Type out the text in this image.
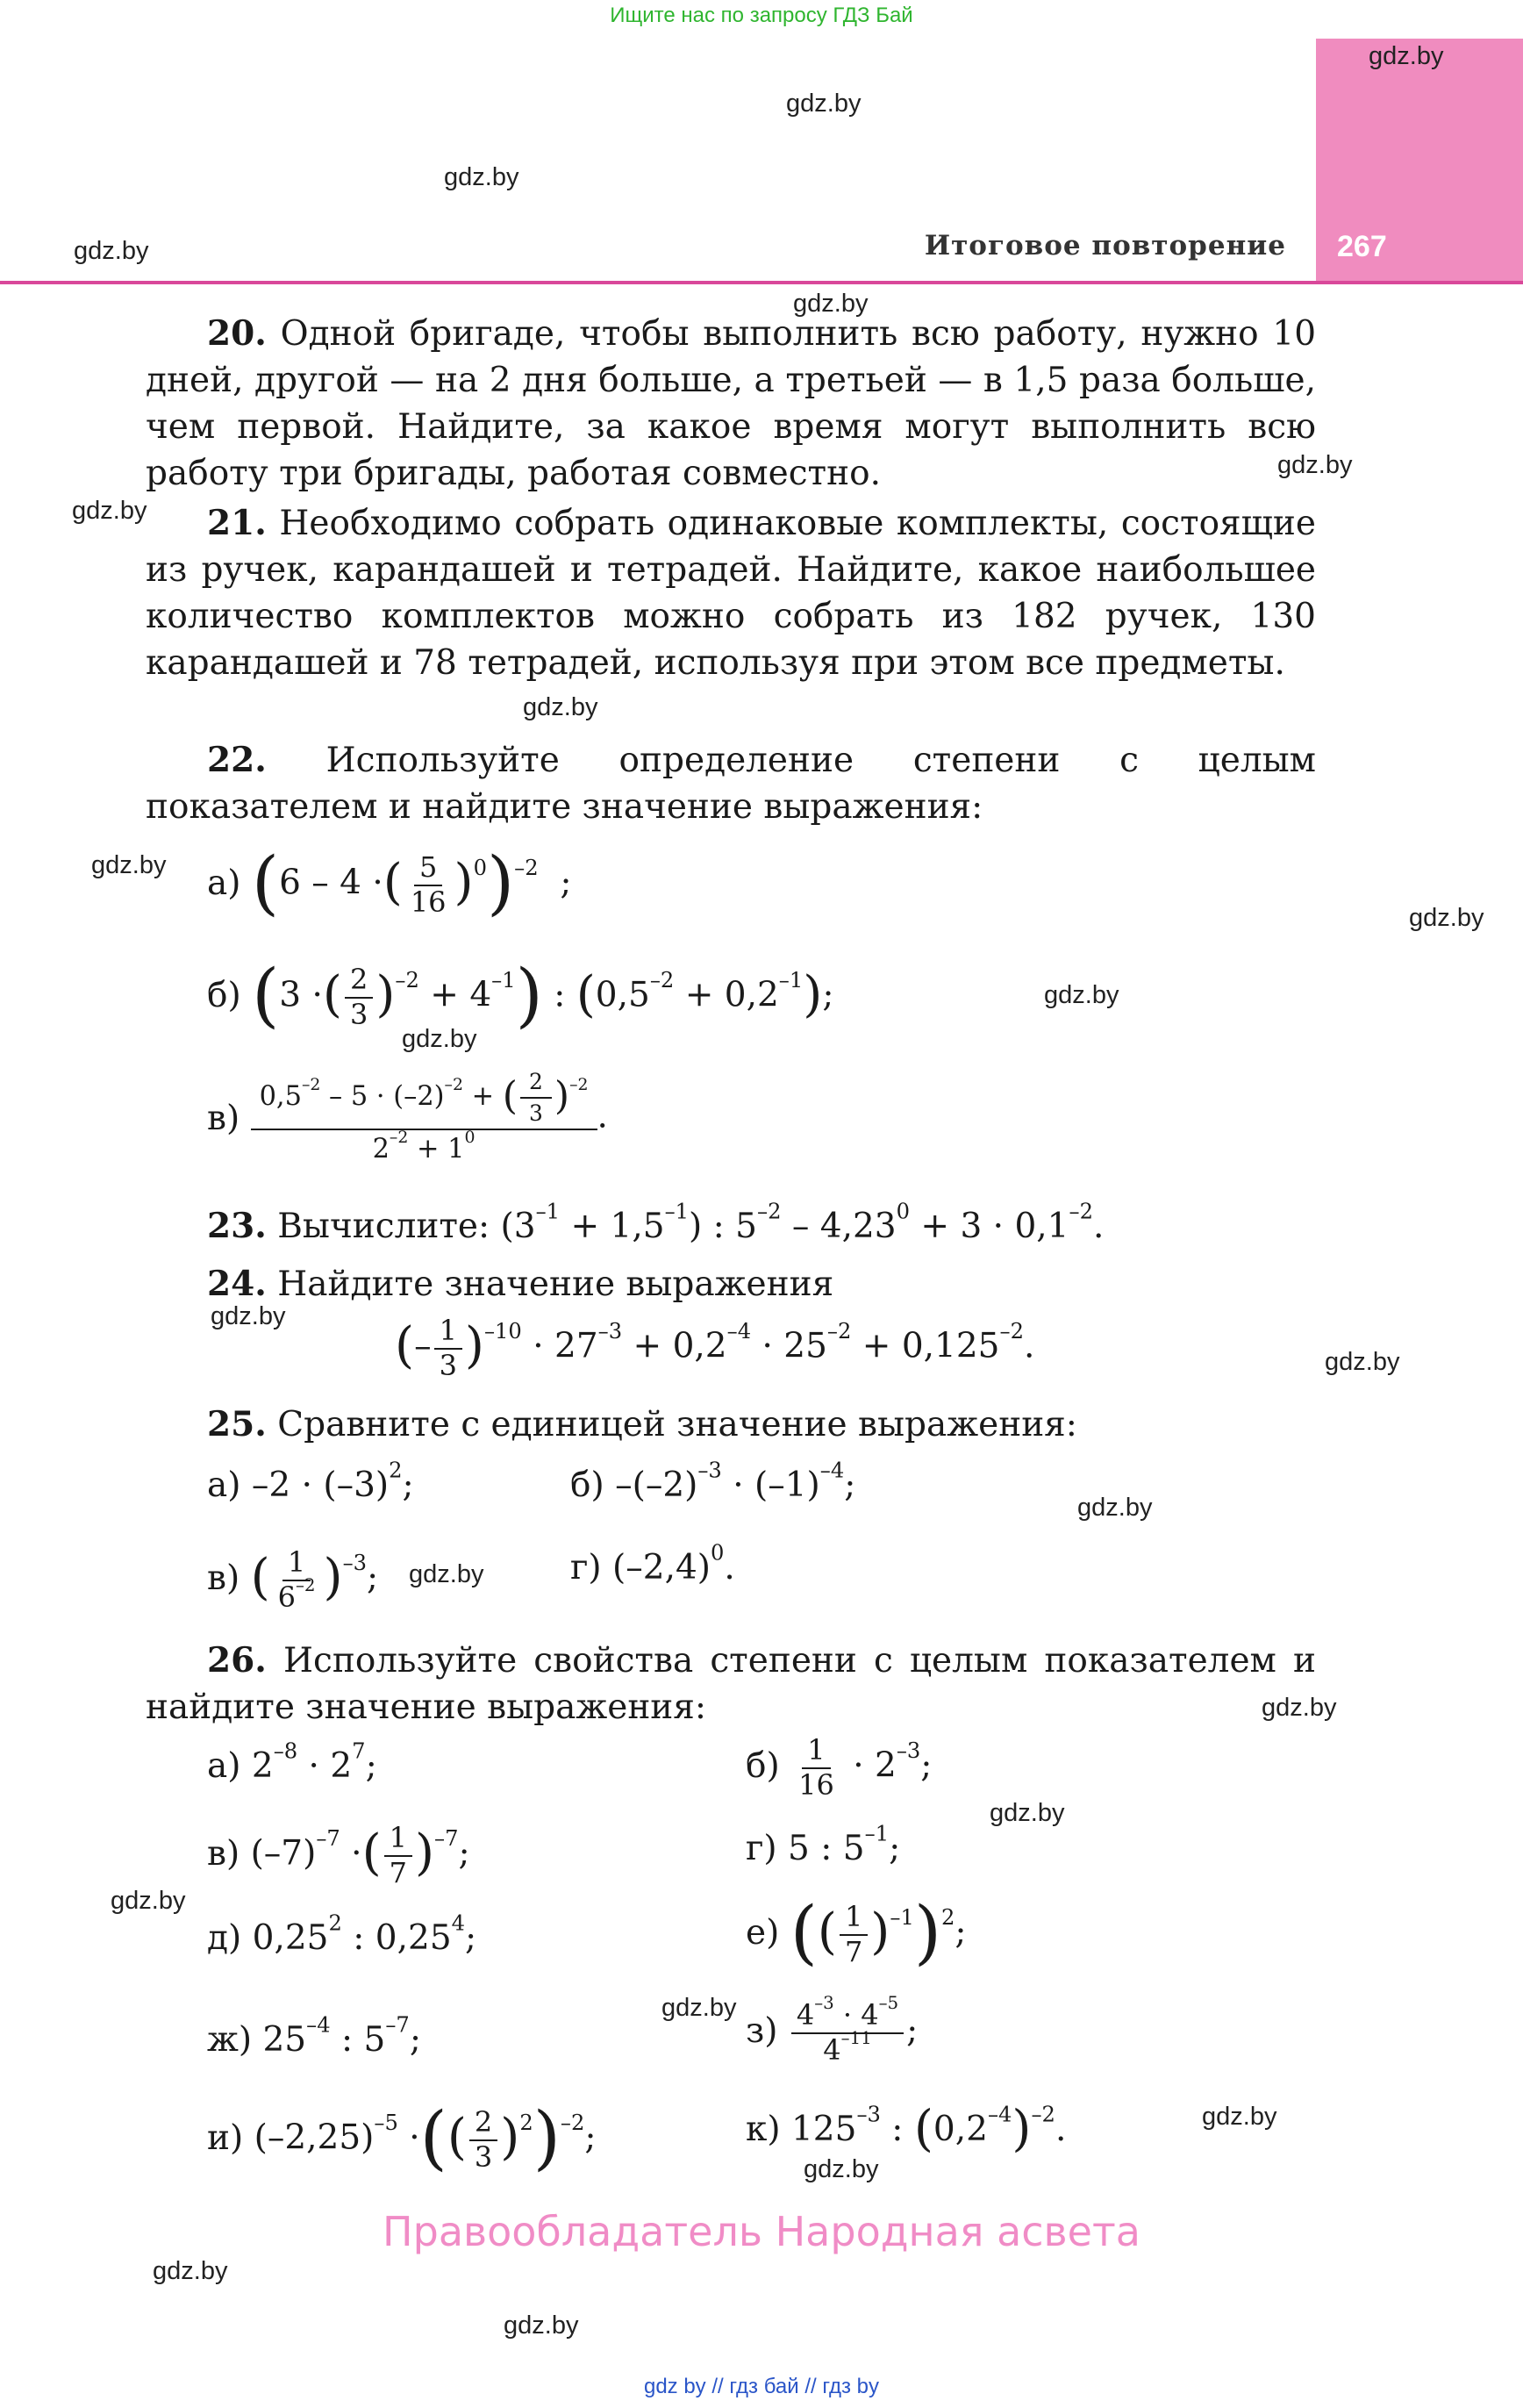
Ищите нас по запросу ГДЗ Бай
267
Итоговое повторение
gdz.by
gdz.by
gdz.by
gdz.by
gdz.by
gdz.by
gdz.by
gdz.by
gdz.by
gdz.by
gdz.by
gdz.by
gdz.by
gdz.by
gdz.by
gdz.by
gdz.by
gdz.by
gdz.by
gdz.by
gdz.by
gdz.by
gdz.by
gdz.by
20. Одной бригаде, чтобы выполнить всю работу, нужно 10 дней, другой — на 2 дня больше, а третьей — в 1,5 раза больше, чем первой. Найдите, за какое время могут выполнить всю работу три бригады, работая совместно.
21. Необходимо собрать одинаковые комплекты, состоящие из ручек, карандашей и тетрадей. Найдите, какое наибольшее количество комплектов можно собрать из 182 ручек, 130 карандашей и 78 тетрадей, используя при этом все предметы.
22. Используйте определение степени с целым показателем и найдите значение выражения:
а) (6 – 4 ·( $\frac{5}{16} )^0)^{-2}$  ;
б) (3 ·( $\frac{2}{3} )^{-2} + 4^{-1}$) : $(0,5^{-2} + 0,2^{-1})$;
$в) \frac{0,5^{-2} - 5 \cdot (-2)^{-2} + ( \frac{2}{3} )^{-2}}{2^{-2} + 1^0}$ .
23. Вычислите: $(3^{-1} + 1,5^{-1})$ : $5^{-2} - 4,23^0 + 3 \cdot 0,1^{-2}$.
24. Найдите значение выражения
(– $\frac{1}{3} )^{-10} \cdot 27^{-3} + 0,2^{-4} \cdot 25^{-2} + 0,125^{-2}$.
25. Сравните с единицей значение выражения:
а) $-2 \cdot (-3)^2$;	б) $-(-2)^{-3} \cdot (-1)^{-4}$;
в) ( $\frac{1}{6^{-2}} )^{-3}$;	г) $(-2,4)^0$.
26. Используйте свойства степени с целым показателем и найдите значение выражения:
а) $2^{-8} \cdot 2^7$;	$б) \frac{1}{16} \cdot 2^{-3}$;
в) $(-7)^{-7}$ ·( $\frac{1}{7} )^{-7}$;	г) 5 : $5^{-1}$;
д) 0,25$^2$ : 0,25$^4$;	е) (( $\frac{1}{7} )^{-1})^2$;
ж) $25^{-4}$ : $5^{-7}$;	$з) \frac{4^{-3} \cdot 4^{-5}}{4^{-11}}$ ;
и) $(-2,25)^{-5}$ ·(( $\frac{2}{3} )^2)^{-2}$;	к) $125^{-3}$ : $(0,2^{-4})^{-2}$.
Правообладатель Народная асвета
gdz by // гдз бай // гдз by
